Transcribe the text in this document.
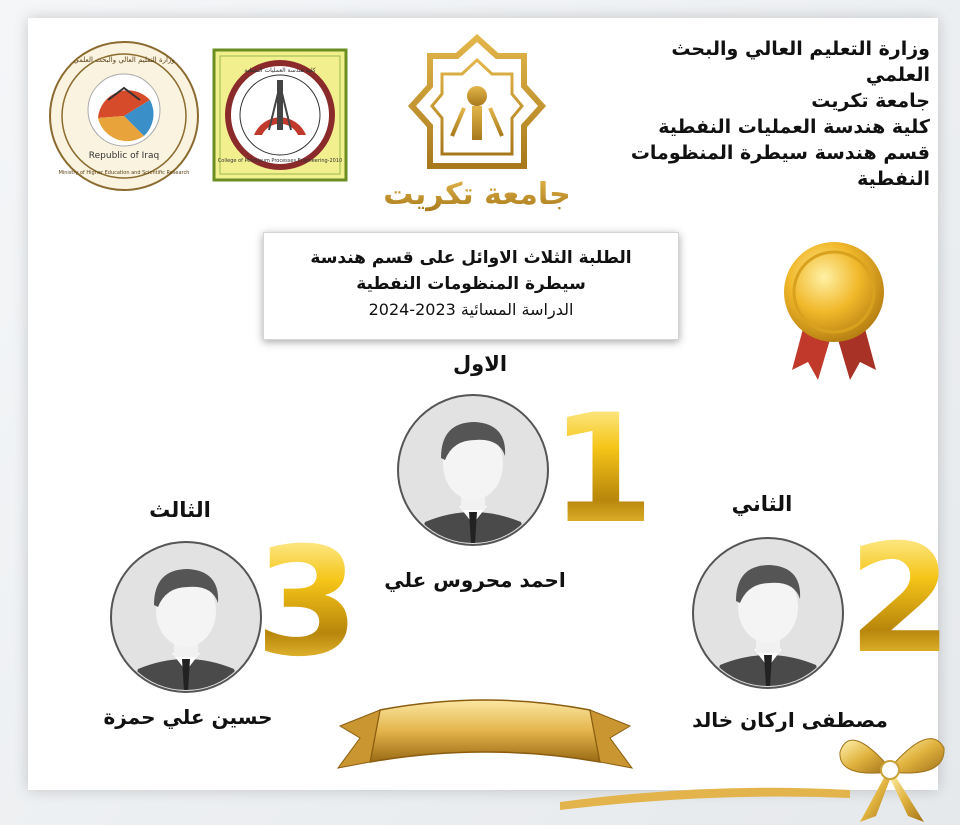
Republic of Iraq
Ministry of Higher Education and Scientific Research
وزارة التعليم العالي والبحث العلمي
College of Petroleum Processes Engineering-2010
كلية هندسة العمليات النفطية
جامعة تكريت
وزارة التعليم العالي والبحث
العلمي
جامعة تكريت
كلية هندسة العمليات النفطية
قسم هندسة سيطرة المنظومات
النفطية
الطلبة الثلاث الاوائل على قسم هندسة
سيطرة المنظومات النفطية
الدراسة المسائية 2023-2024
الاول
1
احمد محروس علي
الثاني
2
مصطفى اركان خالد
الثالث
3
حسين علي حمزة
